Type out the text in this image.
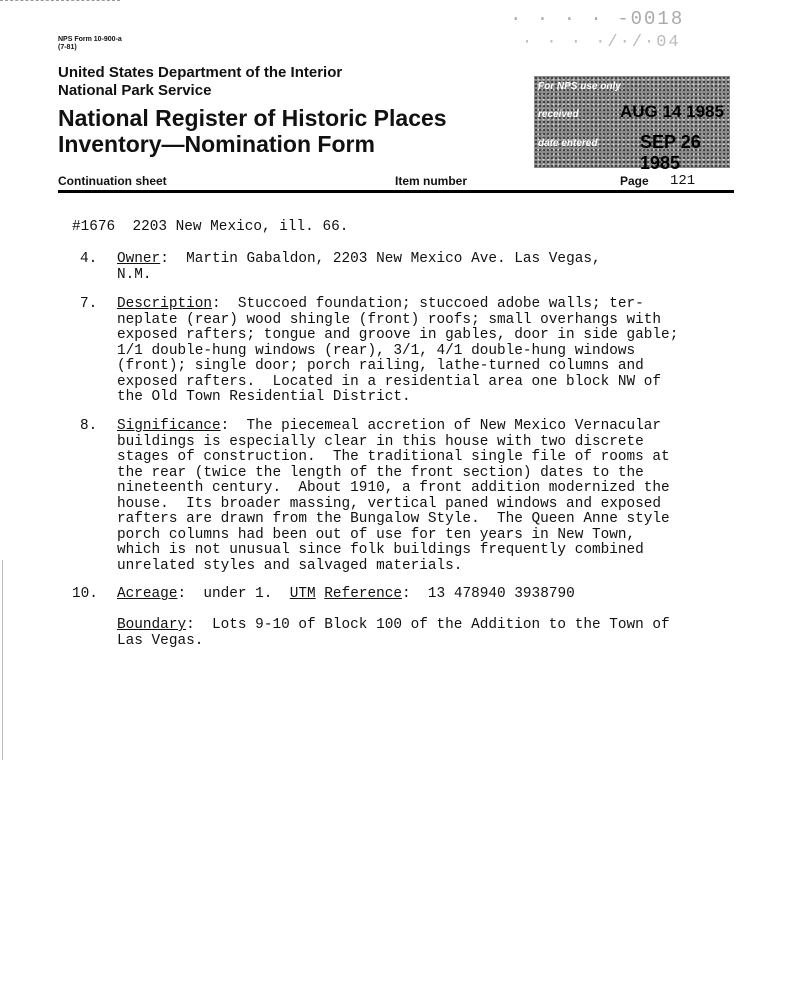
NPS Form 10-900-a
(7-81)
· · · · -0018
· · · ·/·/·04
United States Department of the Interior
National Park Service
National Register of Historic Places
Inventory—Nomination Form
For NPS use only
received AUG 14 1985
date entered SEP 26 1985
Continuation sheet	Item number	Page 121
#1676  2203 New Mexico, ill. 66.
4. Owner:  Martin Gabaldon, 2203 New Mexico Ave. Las Vegas,
N.M.
7. Description:  Stuccoed foundation; stuccoed adobe walls; ter-
neplate (rear) wood shingle (front) roofs; small overhangs with
exposed rafters; tongue and groove in gables, door in side gable;
1/1 double-hung windows (rear), 3/1, 4/1 double-hung windows
(front); single door; porch railing, lathe-turned columns and
exposed rafters.  Located in a residential area one block NW of
the Old Town Residential District.
8. Significance:  The piecemeal accretion of New Mexico Vernacular
buildings is especially clear in this house with two discrete
stages of construction.  The traditional single file of rooms at
the rear (twice the length of the front section) dates to the
nineteenth century.  About 1910, a front addition modernized the
house.  Its broader massing, vertical paned windows and exposed
rafters are drawn from the Bungalow Style.  The Queen Anne style
porch columns had been out of use for ten years in New Town,
which is not unusual since folk buildings frequently combined
unrelated styles and salvaged materials.
10. Acreage:  under 1.  UTM Reference:  13 478940 3938790
Boundary:  Lots 9-10 of Block 100 of the Addition to the Town of
Las Vegas.
